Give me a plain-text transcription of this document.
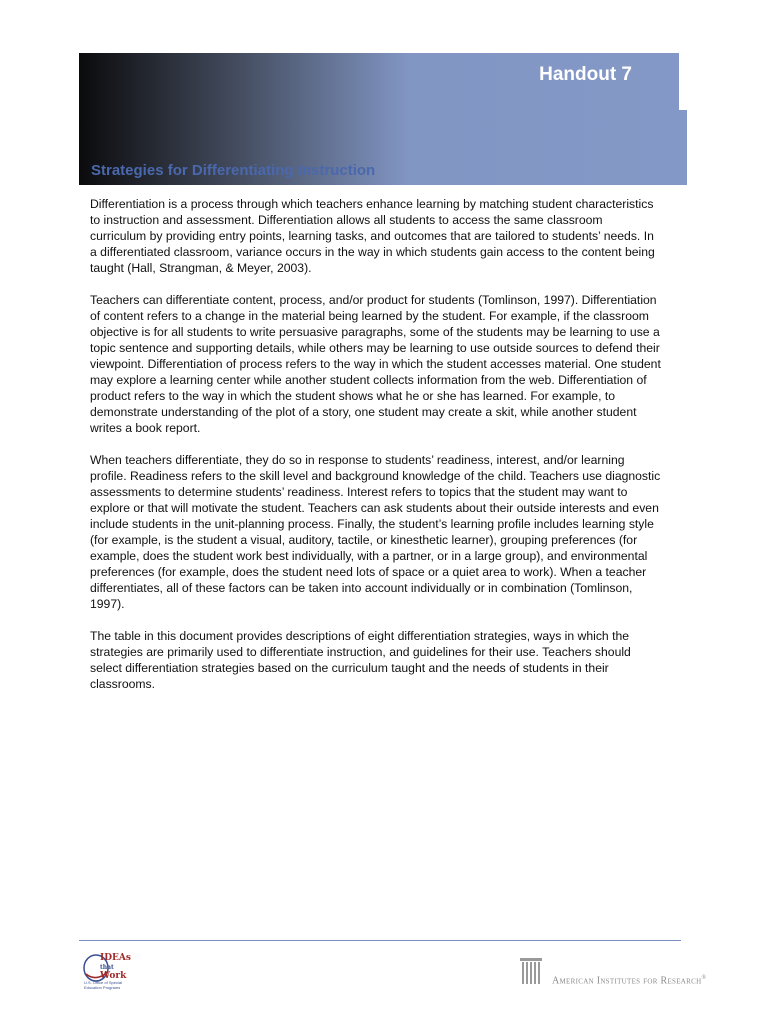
Handout 7
Strategies for Differentiating Instruction

Differentiation is a process through which teachers enhance learning by matching student characteristics to instruction and assessment. Differentiation allows all students to access the same classroom curriculum by providing entry points, learning tasks, and outcomes that are tailored to students’ needs. In a differentiated classroom, variance occurs in the way in which students gain access to the content being taught (Hall, Strangman, & Meyer, 2003).

Teachers can differentiate content, process, and/or product for students (Tomlinson, 1997). Differentiation of content refers to a change in the material being learned by the student. For example, if the classroom objective is for all students to write persuasive paragraphs, some of the students may be learning to use a topic sentence and supporting details, while others may be learning to use outside sources to defend their viewpoint. Differentiation of process refers to the way in which the student accesses material. One student may explore a learning center while another student collects information from the web. Differentiation of product refers to the way in which the student shows what he or she has learned. For example, to demonstrate understanding of the plot of a story, one student may create a skit, while another student writes a book report.

When teachers differentiate, they do so in response to students’ readiness, interest, and/or learning profile. Readiness refers to the skill level and background knowledge of the child. Teachers use diagnostic assessments to determine students’ readiness. Interest refers to topics that the student may want to explore or that will motivate the student. Teachers can ask students about their outside interests and even include students in the unit-planning process. Finally, the student’s learning profile includes learning style (for example, is the student a visual, auditory, tactile, or kinesthetic learner), grouping preferences (for example, does the student work best individually, with a partner, or in a large group), and environmental preferences (for example, does the student need lots of space or a quiet area to work). When a teacher differentiates, all of these factors can be taken into account individually or in combination (Tomlinson, 1997).

The table in this document provides descriptions of eight differentiation strategies, ways in which the strategies are primarily used to differentiate instruction, and guidelines for their use. Teachers should select differentiation strategies based on the curriculum taught and the needs of students in their classrooms.

IDEAs
that
Work
U.S. Office of Special Education Programs
American Institutes for Research®
